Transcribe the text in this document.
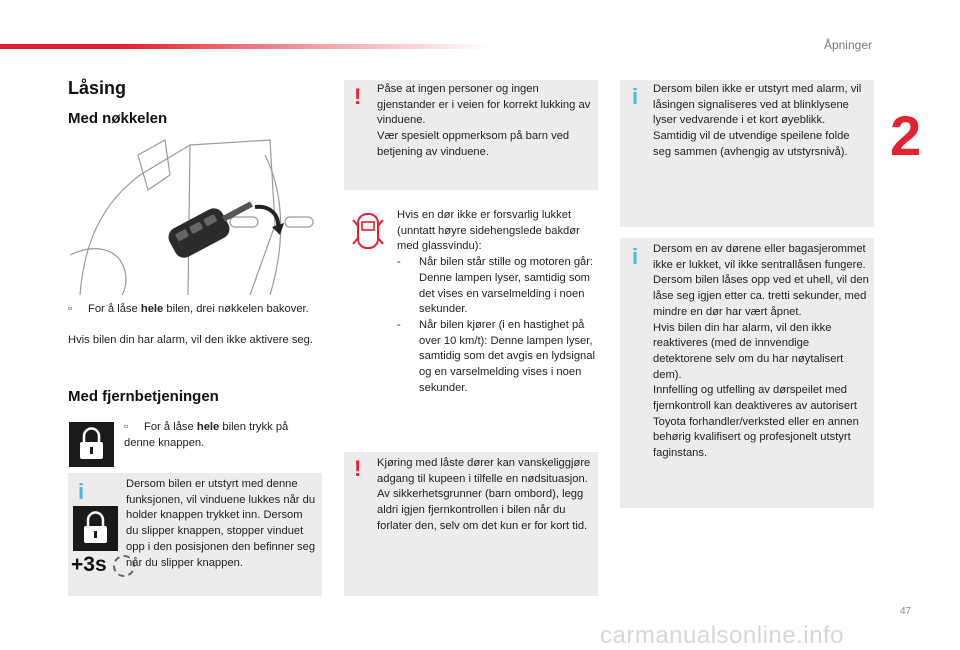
Åpninger
2
Låsing
Med nøkkelen
▫ For å låse hele bilen, drei nøkkelen bakover.
Hvis bilen din har alarm, vil den ikke aktivere seg.
Med fjernbetjeningen
▫ For å låse hele bilen trykk på denne knappen.
i
+3s
Dersom bilen er utstyrt med denne funksjonen, vil vinduene lukkes når du holder knappen trykket inn. Dersom du slipper knappen, stopper vinduet opp i den posisjonen den befinner seg når du slipper knappen.
! Påse at ingen personer og ingen gjenstander er i veien for korrekt lukking av vinduene.
Vær spesielt oppmerksom på barn ved betjening av vinduene.
Hvis en dør ikke er forsvarlig lukket (unntatt høyre sidehengslede bakdør med glassvindu):
- Når bilen står stille og motoren går: Denne lampen lyser, samtidig som det vises en varselmelding i noen sekunder.
- Når bilen kjører (i en hastighet på over 10 km/t): Denne lampen lyser, samtidig som det avgis en lydsignal og en varselmelding vises i noen sekunder.
! Kjøring med låste dører kan vanskeliggjøre adgang til kupeen i tilfelle en nødsituasjon.
Av sikkerhetsgrunner (barn ombord), legg aldri igjen fjernkontrollen i bilen når du forlater den, selv om det kun er for kort tid.
i Dersom bilen ikke er utstyrt med alarm, vil låsingen signaliseres ved at blinklysene lyser vedvarende i et kort øyeblikk.
Samtidig vil de utvendige speilene folde seg sammen (avhengig av utstyrsnivå).
i Dersom en av dørene eller bagasjerommet ikke er lukket, vil ikke sentrallåsen fungere.
Dersom bilen låses opp ved et uhell, vil den låse seg igjen etter ca. tretti sekunder, med mindre en dør har vært åpnet.
Hvis bilen din har alarm, vil den ikke reaktiveres (med de innvendige detektorene selv om du har nøytalisert dem).
Innfelling og utfelling av dørspeilet med fjernkontroll kan deaktiveres av autorisert Toyota forhandler/verksted eller en annen behørig kvalifisert og profesjonelt utstyrt faginstans.
47
carmanualsonline.info
